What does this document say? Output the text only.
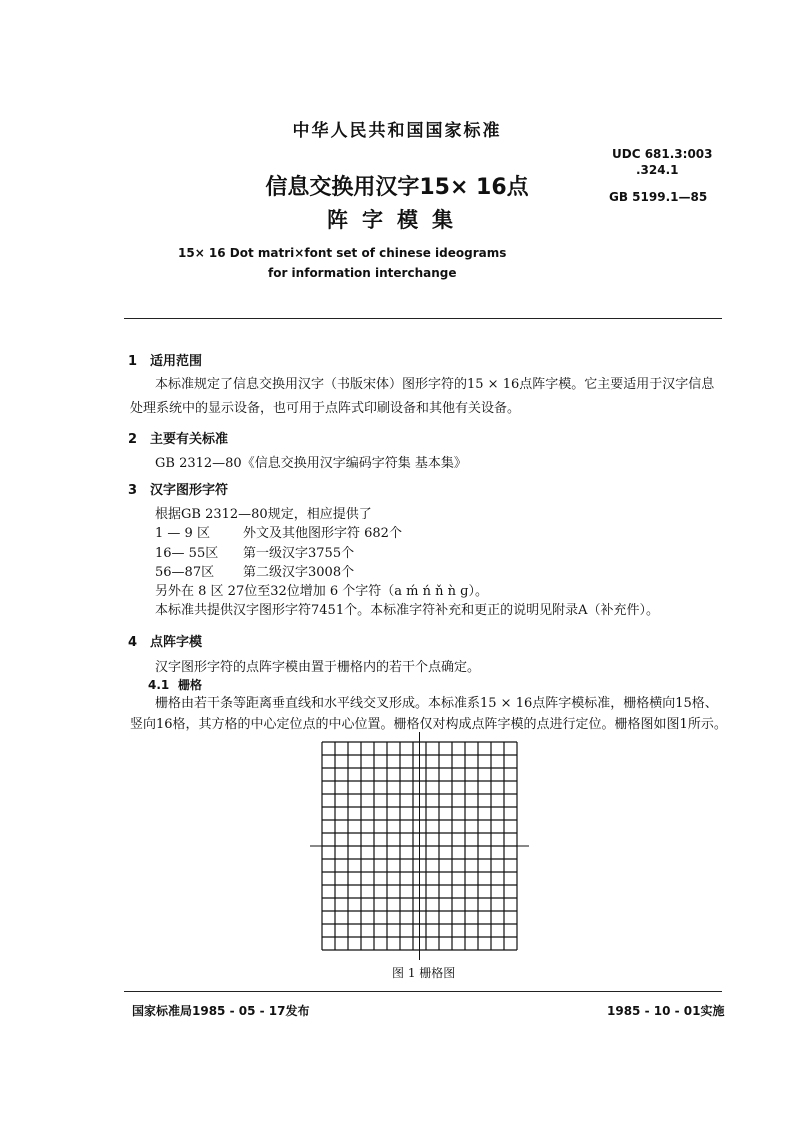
中华人民共和国国家标准
UDC 681.3:003
.324.1
GB 5199.1—85
信息交换用汉字15× 16点
阵字模集
15× 16 Dot matri×font set of chinese ideograms
for information interchange
1 适用范围
本标准规定了信息交换用汉字（书版宋体）图形字符的15 × 16点阵字模。它主要适用于汉字信息
处理系统中的显示设备，也可用于点阵式印刷设备和其他有关设备。
2 主要有关标准
GB 2312—80《信息交换用汉字编码字符集 基本集》
3 汉字图形字符
根据GB 2312—80规定，相应提供了
1 — 9 区	外文及其他图形字符 682个
16— 55区 第一级汉字3755个
56—87区 第二级汉字3008个
另外在 8 区 27位至32位增加 6 个字符（a ḿ ń ň ǹ ɡ）。
本标准共提供汉字图形字符7451个。本标准字符补充和更正的说明见附录A（补充件）。
4 点阵字模
汉字图形字符的点阵字模由置于栅格内的若干个点确定。
4.1 栅格
栅格由若干条等距离垂直线和水平线交叉形成。本标准系15 × 16点阵字模标准，栅格横向15格、
竖向16格，其方格的中心定位点的中心位置。栅格仅对构成点阵字模的点进行定位。栅格图如图1所示。
图 1 栅格图
国家标准局1985 - 05 - 17发布	1985 - 10 - 01实施
